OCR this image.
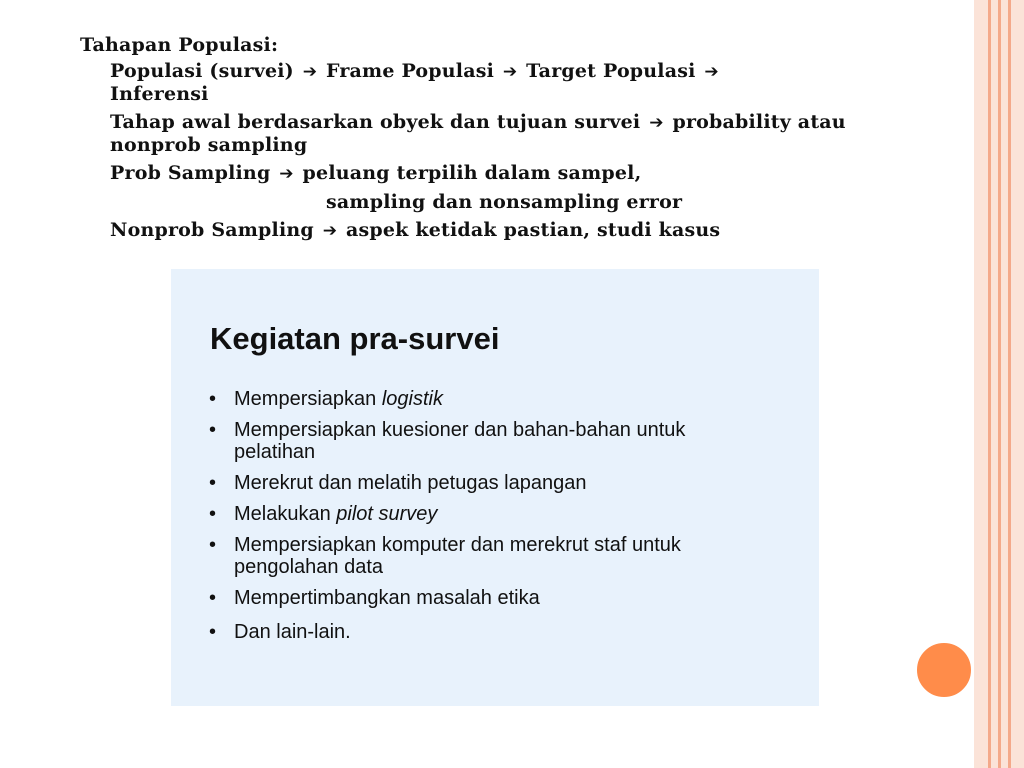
Tahapan Populasi:
Populasi (survei) ➔ Frame Populasi ➔ Target Populasi ➔
Inferensi
Tahap awal berdasarkan obyek dan tujuan survei ➔ probability atau nonprob sampling
Prob Sampling ➔ peluang terpilih dalam sampel,
sampling dan nonsampling error
Nonprob Sampling ➔ aspek ketidak pastian, studi kasus
Kegiatan pra-survei
• Mempersiapkan logistik
• Mempersiapkan kuesioner dan bahan-bahan untuk pelatihan
• Merekrut dan melatih petugas lapangan
• Melakukan pilot survey
• Mempersiapkan komputer dan merekrut staf untuk pengolahan data
• Mempertimbangkan masalah etika
• Dan lain-lain.
